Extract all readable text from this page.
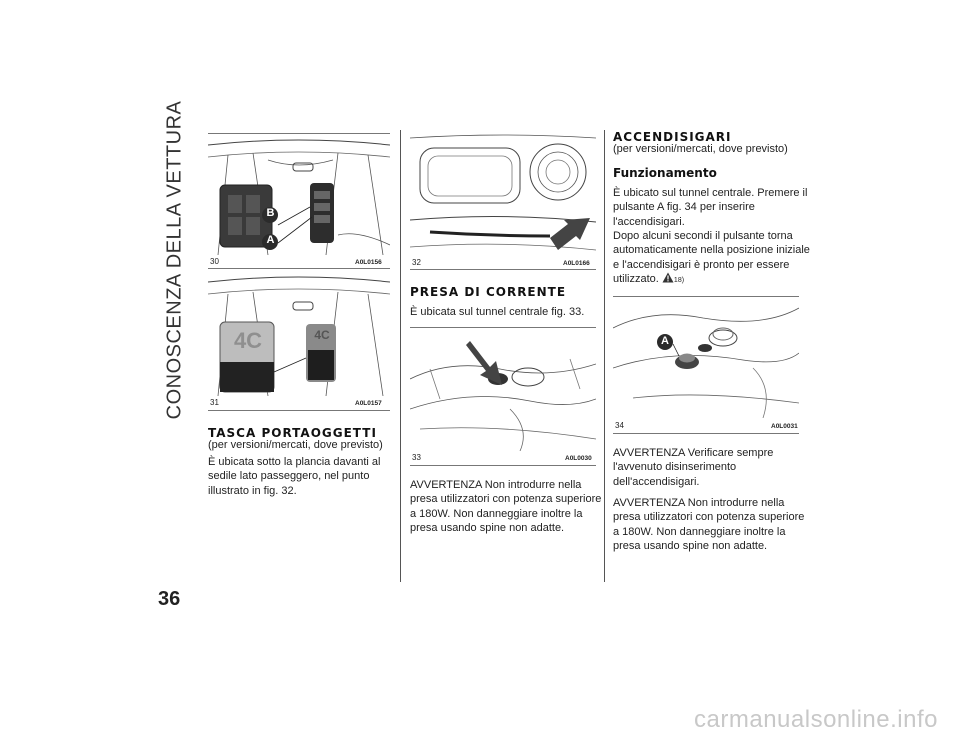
CONOSCENZA DELLA VETTURA
36
B
A
30	A0L0156
4C	4C
31	A0L0157
TASCA PORTAOGGETTI
(per versioni/mercati, dove previsto)
È ubicata sotto la plancia davanti al
sedile lato passeggero, nel punto
illustrato in fig. 32.
32	A0L0166
PRESA DI CORRENTE
È ubicata sul tunnel centrale fig. 33.
33	A0L0030
AVVERTENZA Non introdurre nella
presa utilizzatori con potenza superiore
a 180W. Non danneggiare inoltre la
presa usando spine non adatte.
ACCENDISIGARI
(per versioni/mercati, dove previsto)
Funzionamento
È ubicato sul tunnel centrale. Premere il
pulsante A fig. 34 per inserire
l'accendisigari.
Dopo alcuni secondi il pulsante torna
automaticamente nella posizione iniziale
e l'accendisigari è pronto per essere
utilizzato. 18)
A
34	A0L0031
AVVERTENZA Verificare sempre
l'avvenuto disinserimento
dell'accendisigari.
AVVERTENZA Non introdurre nella
presa utilizzatori con potenza superiore
a 180W. Non danneggiare inoltre la
presa usando spine non adatte.
carmanualsonline.info
